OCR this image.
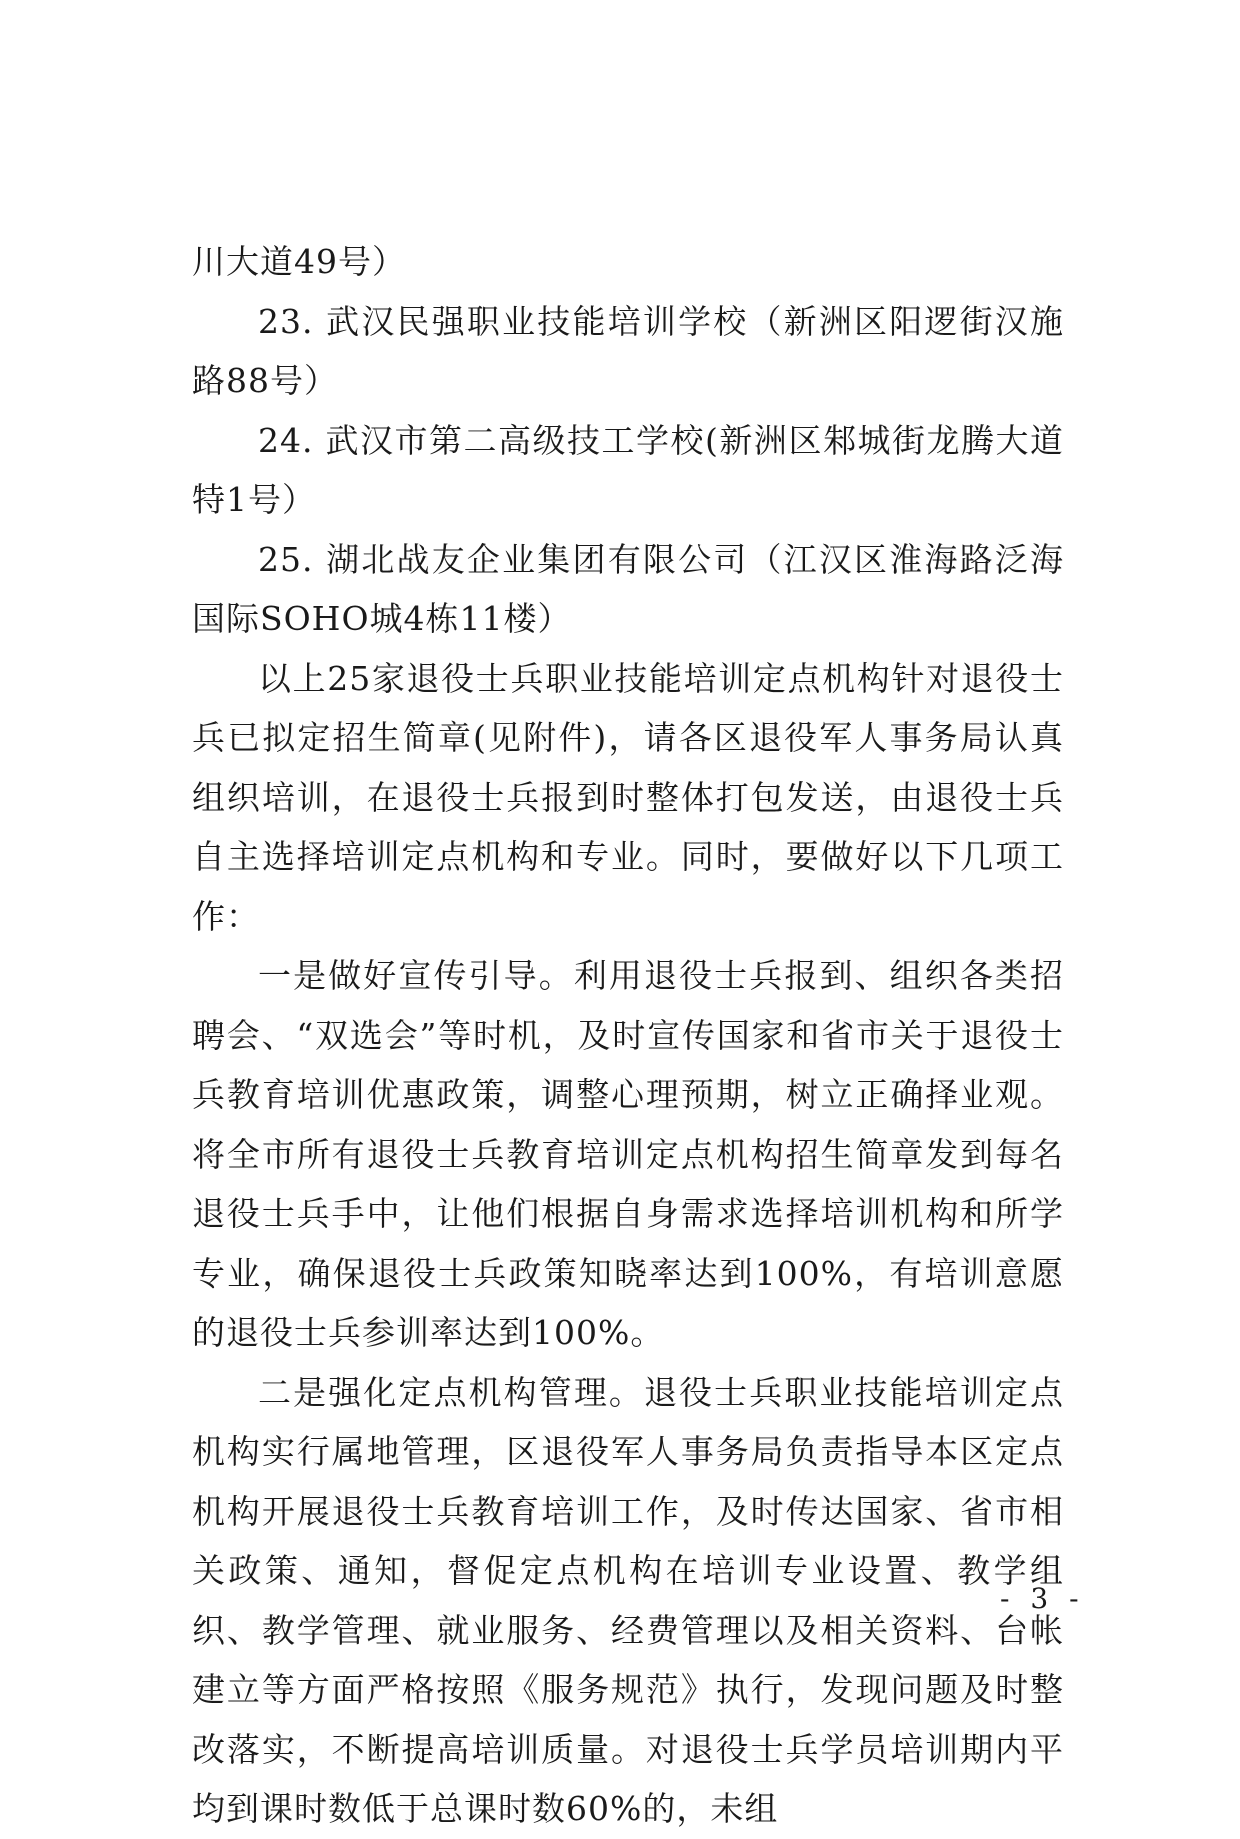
川大道49号）

23. 武汉民强职业技能培训学校（新洲区阳逻街汉施路88号）

24. 武汉市第二高级技工学校(新洲区邾城街龙腾大道特1号）

25. 湖北战友企业集团有限公司（江汉区淮海路泛海国际SOHO城4栋11楼）

以上25家退役士兵职业技能培训定点机构针对退役士兵已拟定招生简章(见附件)，请各区退役军人事务局认真组织培训，在退役士兵报到时整体打包发送，由退役士兵自主选择培训定点机构和专业。同时，要做好以下几项工作：

一是做好宣传引导。利用退役士兵报到、组织各类招聘会、“双选会”等时机，及时宣传国家和省市关于退役士兵教育培训优惠政策，调整心理预期，树立正确择业观。将全市所有退役士兵教育培训定点机构招生简章发到每名退役士兵手中，让他们根据自身需求选择培训机构和所学专业，确保退役士兵政策知晓率达到100%，有培训意愿的退役士兵参训率达到100%。

二是强化定点机构管理。退役士兵职业技能培训定点机构实行属地管理，区退役军人事务局负责指导本区定点机构开展退役士兵教育培训工作，及时传达国家、省市相关政策、通知，督促定点机构在培训专业设置、教学组织、教学管理、就业服务、经费管理以及相关资料、台帐建立等方面严格按照《服务规范》执行，发现问题及时整改落实，不断提高培训质量。对退役士兵学员培训期内平均到课时数低于总课时数60%的，未组

- 3 -
